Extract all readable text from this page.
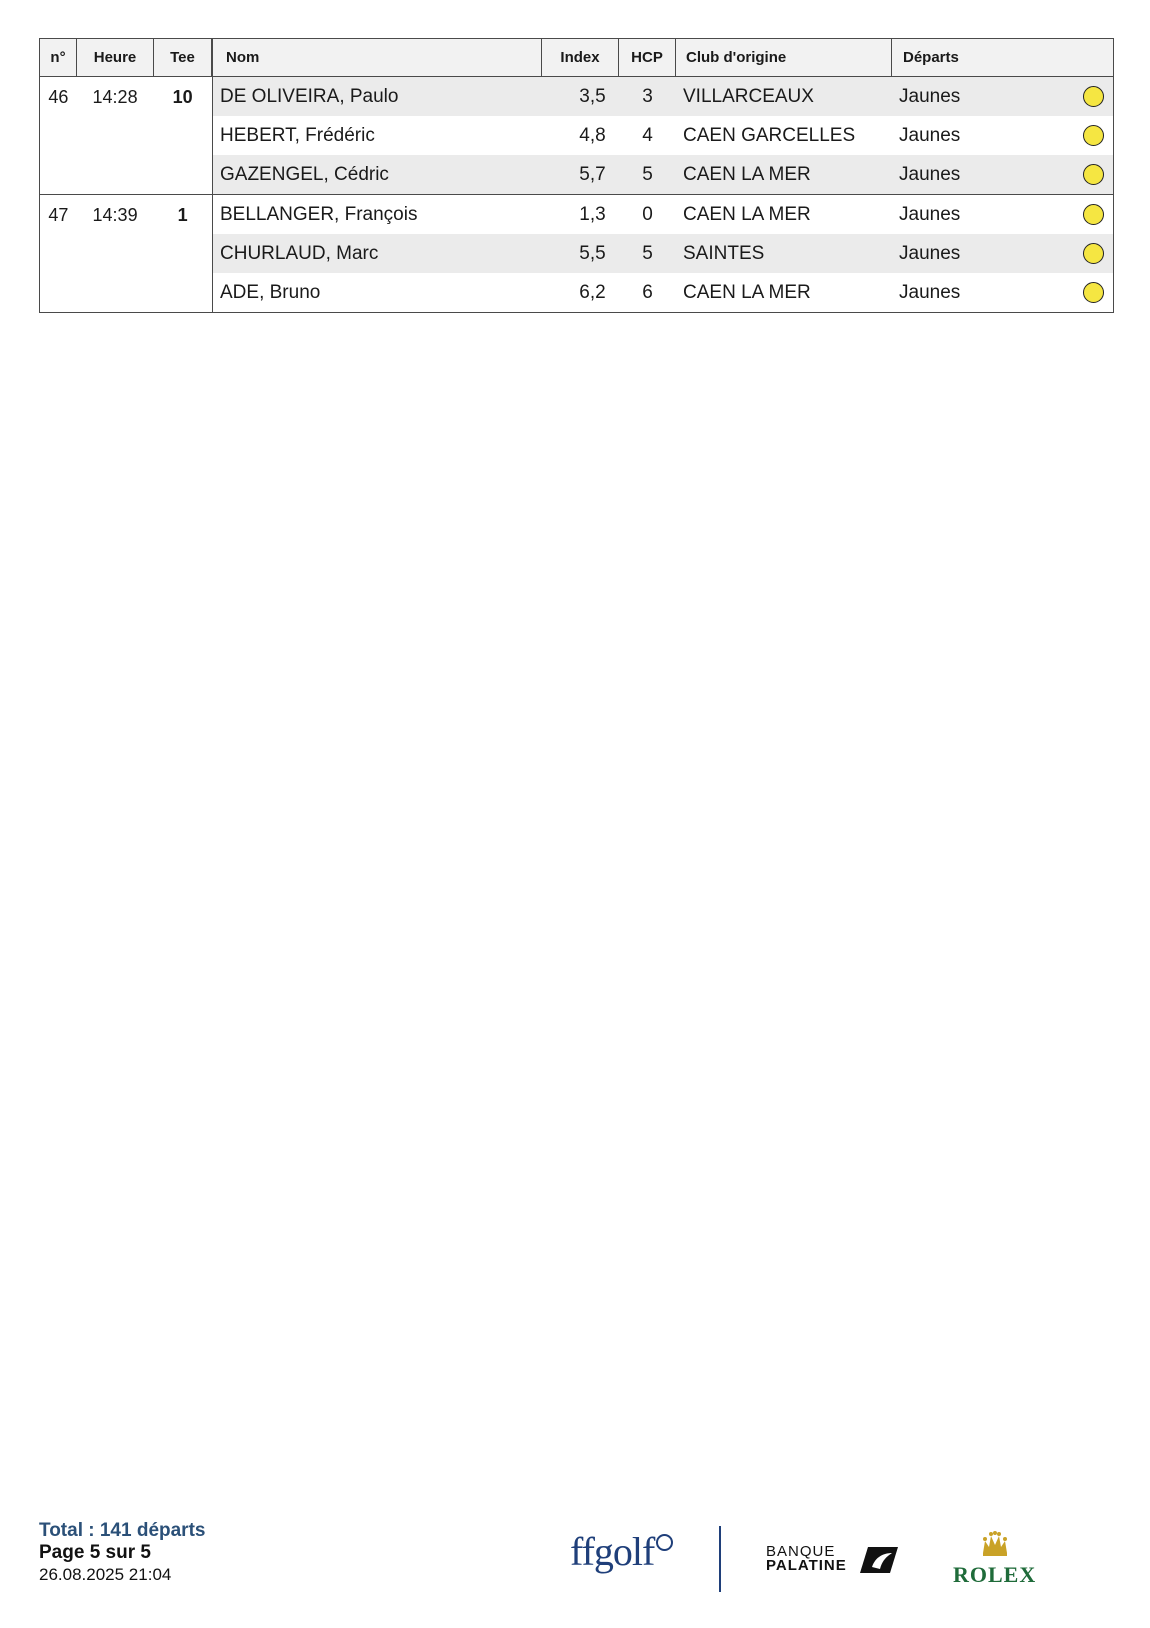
n°	Heure	Tee	Nom	Index	HCP	Club d'origine	Départs
46	14:28	10	DE OLIVEIRA, Paulo	3,5	3	VILLARCEAUX	Jaunes
HEBERT, Frédéric	4,8	4	CAEN GARCELLES	Jaunes
GAZENGEL, Cédric	5,7	5	CAEN LA MER	Jaunes
47	14:39	1	BELLANGER, François	1,3	0	CAEN LA MER	Jaunes
CHURLAUD, Marc	5,5	5	SAINTES	Jaunes
ADE, Bruno	6,2	6	CAEN LA MER	Jaunes
Total : 141 départs
Page 5 sur 5
26.08.2025 21:04
ffgolf	BANQUE
PALATINE	ROLEX
